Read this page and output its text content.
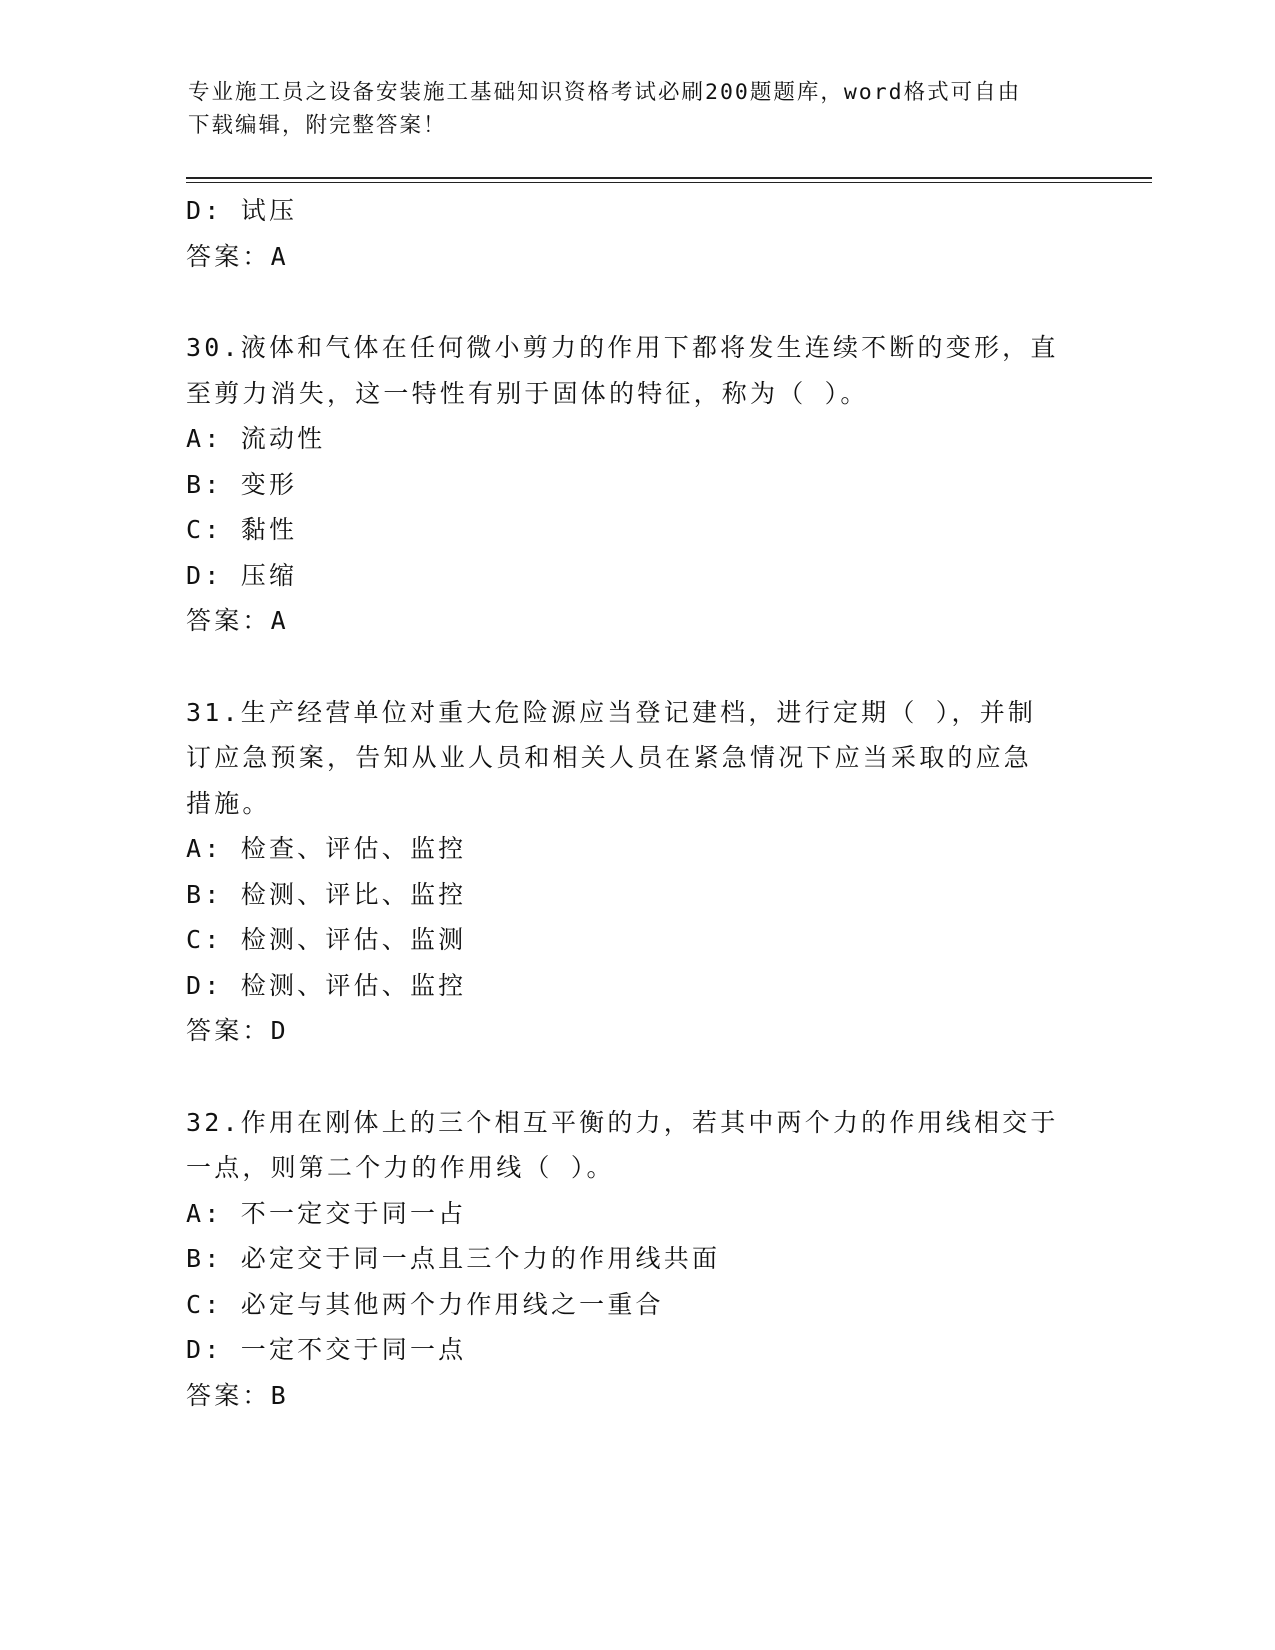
专业施工员之设备安装施工基础知识资格考试必刷200题题库，word格式可自由
下载编辑，附完整答案！
D: 试压
答案：A
30.液体和气体在任何微小剪力的作用下都将发生连续不断的变形，直
至剪力消失，这一特性有别于固体的特征，称为（ ）。
A: 流动性
B: 变形
C: 黏性
D: 压缩
答案：A
31.生产经营单位对重大危险源应当登记建档，进行定期（ ），并制
订应急预案，告知从业人员和相关人员在紧急情况下应当采取的应急
措施。
A: 检查、评估、监控
B: 检测、评比、监控
C: 检测、评估、监测
D: 检测、评估、监控
答案：D
32.作用在刚体上的三个相互平衡的力，若其中两个力的作用线相交于
一点，则第二个力的作用线（ ）。
A: 不一定交于同一占
B: 必定交于同一点且三个力的作用线共面
C: 必定与其他两个力作用线之一重合
D: 一定不交于同一点
答案：B
